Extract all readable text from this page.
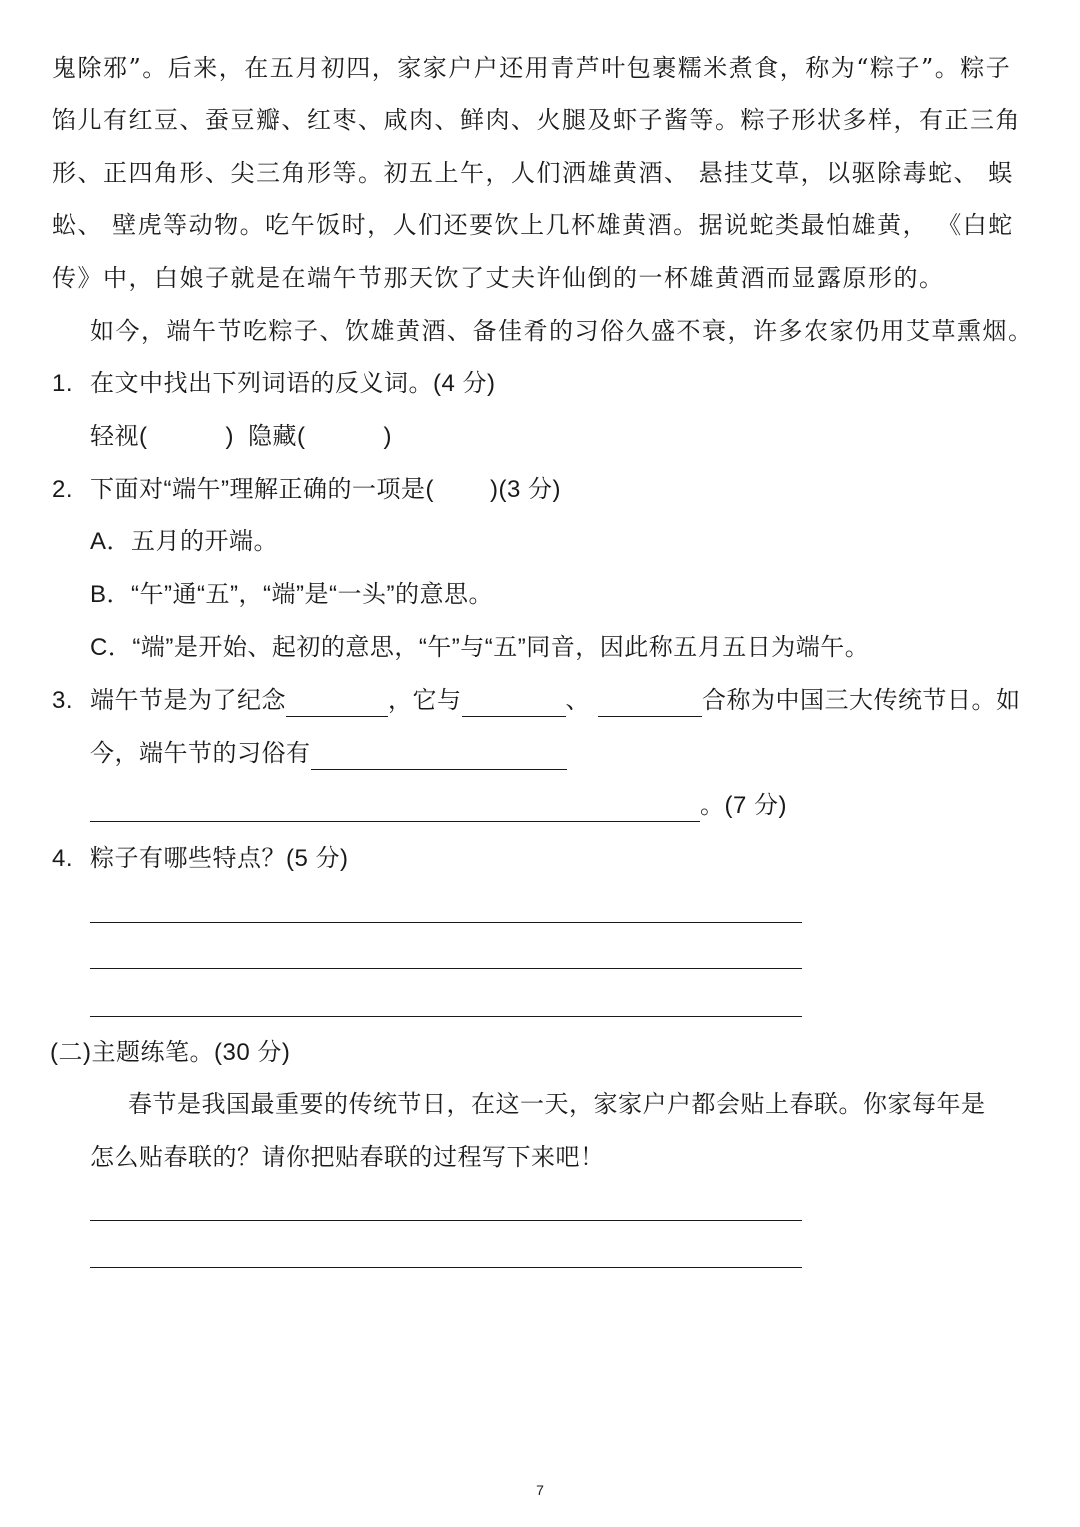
鬼除邪”。后来，在五月初四，家家户户还用青芦叶包裹糯米煮食，称为“粽子”。粽子
馅儿有红豆、蚕豆瓣、红枣、咸肉、鲜肉、火腿及虾子酱等。粽子形状多样，有正三角
形、正四角形、尖三角形等。初五上午，人们洒雄黄酒、 悬挂艾草，以驱除毒蛇、 蜈
蚣、 壁虎等动物。吃午饭时，人们还要饮上几杯雄黄酒。据说蛇类最怕雄黄， 《白蛇
传》中，白娘子就是在端午节那天饮了丈夫许仙倒的一杯雄黄酒而显露原形的。
如今，端午节吃粽子、饮雄黄酒、备佳肴的习俗久盛不衰，许多农家仍用艾草熏烟。
1. 在文中找出下列词语的反义词。(4 分)
轻视(	) 隐藏(	)
2. 下面对“端午”理解正确的一项是( )(3 分)
A．五月的开端。
B．“午”通“五”，“端”是“一头”的意思。
C．“端”是开始、起初的意思，“午”与“五”同音，因此称五月五日为端午。
3. 端午节是为了纪念	，它与	、	合称为中国三大传统节日。如
今，端午节的习俗有
。(7 分)
4. 粽子有哪些特点？(5 分)
(二)主题练笔。(30 分)
春节是我国最重要的传统节日，在这一天，家家户户都会贴上春联。你家每年是
怎么贴春联的？请你把贴春联的过程写下来吧！
7
